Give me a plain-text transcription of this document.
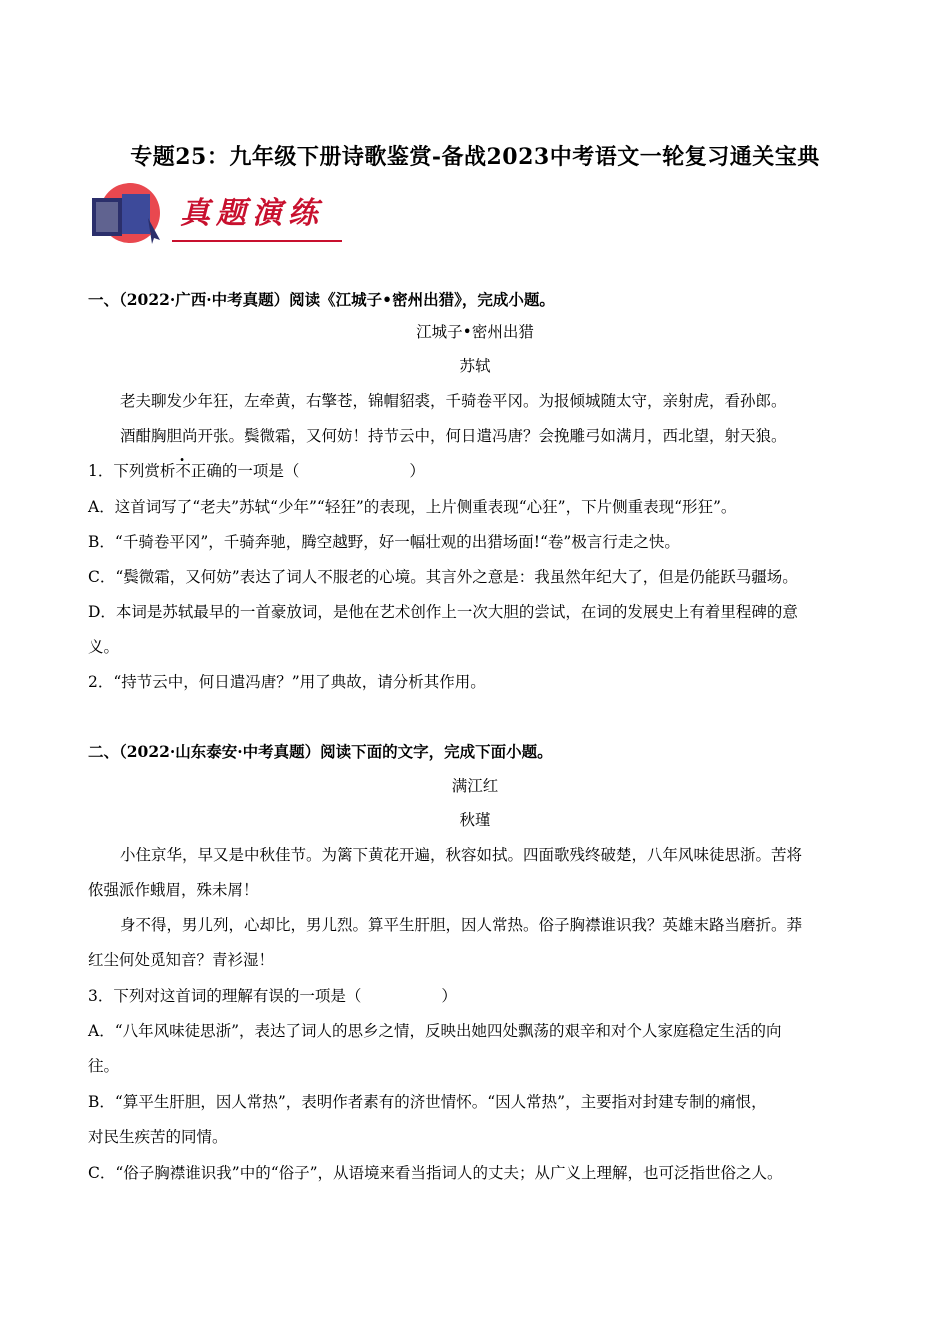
专题25：九年级下册诗歌鉴赏-备战2023中考语文一轮复习通关宝典
真题演练
一、（2022·广西·中考真题）阅读《江城子•密州出猎》，完成小题。
江城子•密州出猎
苏轼
老夫聊发少年狂，左牵黄，右擎苍，锦帽貂裘，千骑卷平冈。为报倾城随太守，亲射虎，看孙郎。
酒酣胸胆尚开张。鬓微霜，又何妨！持节云中，何日遣冯唐？会挽雕弓如满月，西北望，射天狼。
1．下列赏析不正确的一项是（	）
A．这首词写了“老夫”苏轼“少年”“轻狂”的表现，上片侧重表现“心狂”，下片侧重表现“形狂”。
B．“千骑卷平冈”，千骑奔驰，腾空越野，好一幅壮观的出猎场面!“卷”极言行走之快。
C．“鬓微霜，又何妨”表达了词人不服老的心境。其言外之意是：我虽然年纪大了，但是仍能跃马疆场。
D．本词是苏轼最早的一首豪放词，是他在艺术创作上一次大胆的尝试，在词的发展史上有着里程碑的意
义。
2．“持节云中，何日遣冯唐？”用了典故，请分析其作用。
二、（2022·山东泰安·中考真题）阅读下面的文字，完成下面小题。
满江红
秋瑾
小住京华，早又是中秋佳节。为篱下黄花开遍，秋容如拭。四面歌残终破楚，八年风味徒思浙。苦将
侬强派作蛾眉，殊未屑！
身不得，男儿列，心却比，男儿烈。算平生肝胆，因人常热。俗子胸襟谁识我？英雄末路当磨折。莽
红尘何处觅知音？青衫湿！
3．下列对这首词的理解有误的一项是（	）
A．“八年风味徒思浙”，表达了词人的思乡之情，反映出她四处飘荡的艰辛和对个人家庭稳定生活的向
往。
B．“算平生肝胆，因人常热”，表明作者素有的济世情怀。“因人常热”，主要指对封建专制的痛恨，
对民生疾苦的同情。
C．“俗子胸襟谁识我”中的“俗子”，从语境来看当指词人的丈夫；从广义上理解，也可泛指世俗之人。
